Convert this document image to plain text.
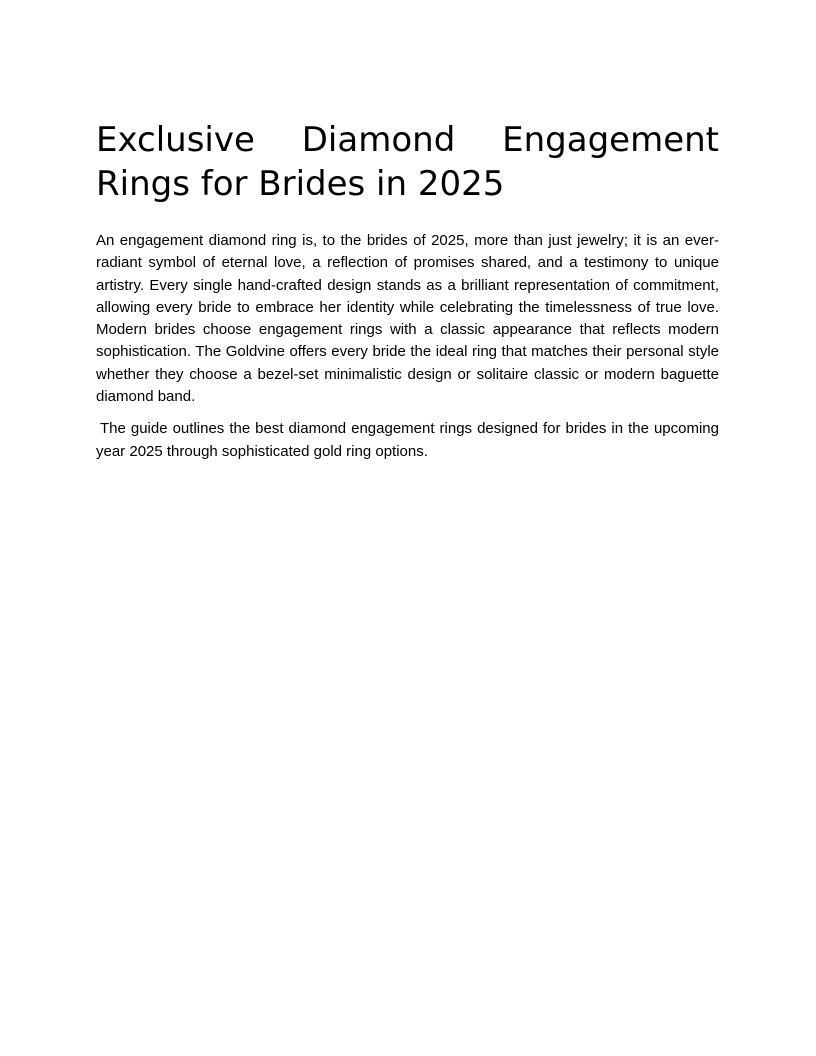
Exclusive Diamond Engagement Rings for Brides in 2025

An engagement diamond ring is, to the brides of 2025, more than just jewelry; it is an ever-radiant symbol of eternal love, a reflection of promises shared, and a testimony to unique artistry. Every single hand-crafted design stands as a brilliant representation of commitment, allowing every bride to embrace her identity while celebrating the timelessness of true love. Modern brides choose engagement rings with a classic appearance that reflects modern sophistication. The Goldvine offers every bride the ideal ring that matches their personal style whether they choose a bezel-set minimalistic design or solitaire classic or modern baguette diamond band.

The guide outlines the best diamond engagement rings designed for brides in the upcoming year 2025 through sophisticated gold ring options.
